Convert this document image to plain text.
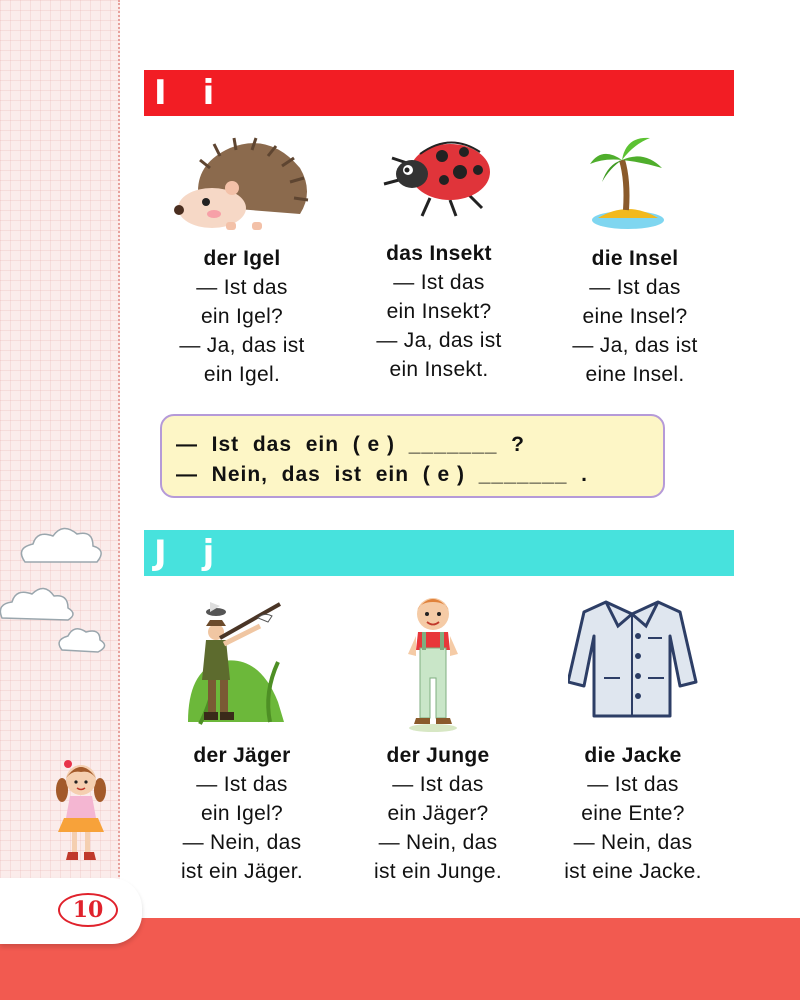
I i
der Igel
— Ist das
ein Igel?
— Ja, das ist
ein Igel.
das Insekt
— Ist das
ein Insekt?
— Ja, das ist
ein Insekt.
die Insel
— Ist das
eine Insel?
— Ja, das ist
eine Insel.
—  Ist  das  ein  ( e )  _______  ?
—  Nein,  das  ist  ein  ( e )  _______  .
J j
der Jäger
— Ist das
ein Igel?
— Nein, das
ist ein Jäger.
der Junge
— Ist das
ein Jäger?
— Nein, das
ist ein Junge.
die Jacke
— Ist das
eine Ente?
— Nein, das
ist eine Jacke.
10
